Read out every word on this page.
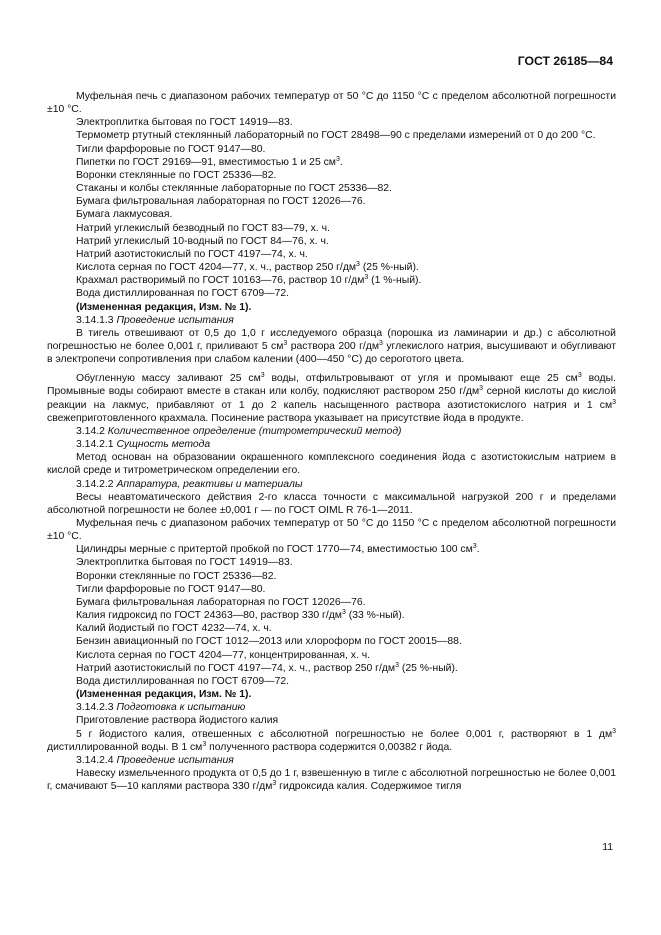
ГОСТ 26185—84

Муфельная печь с диапазоном рабочих температур от 50 °С до 1150 °С с пределом абсолютной погрешности ±10 °С.

Электроплитка бытовая по ГОСТ 14919—83.

Термометр ртутный стеклянный лабораторный по ГОСТ 28498—90 с пределами измерений от 0 до 200 °С.

Тигли фарфоровые по ГОСТ 9147—80.

Пипетки по ГОСТ 29169—91, вместимостью 1 и 25 $см^3$.

Воронки стеклянные по ГОСТ 25336—82.

Стаканы и колбы стеклянные лабораторные по ГОСТ 25336—82.

Бумага фильтровальная лабораторная по ГОСТ 12026—76.

Бумага лакмусовая.

Натрий углекислый безводный по ГОСТ 83—79, х. ч.

Натрий углекислый 10-водный по ГОСТ 84—76, х. ч.

Натрий азотистокислый по ГОСТ 4197—74, х. ч.

Кислота серная по ГОСТ 4204—77, х. ч., раствор 250 $г/дм^3$ (25 %-ный).

Крахмал растворимый по ГОСТ 10163—76, раствор 10 $г/дм^3$ (1 %-ный).

Вода дистиллированная по ГОСТ 6709—72.

(Измененная редакция, Изм. № 1).

3.14.1.3 Проведение испытания

В тигель отвешивают от 0,5 до 1,0 г исследуемого образца (порошка из ламинарии и др.) с абсолютной погрешностью не более 0,001 г, приливают 5 $см^3$ раствора 200 $г/дм^3$ углекислого натрия, высушивают и обугливают в электропечи сопротивления при слабом калении (400—450 °С) до сероготого цвета.

Обугленную массу заливают 25 $см^3$ воды, отфильтровывают от угля и промывают еще 25 $см^3$ воды. Промывные воды собирают вместе в стакан или колбу, подкисляют раствором 250 $г/дм^3$ серной кислоты до кислой реакции на лакмус, прибавляют от 1 до 2 капель насыщенного раствора азотистокислого натрия и 1 $см^3$ свежеприготовленного крахмала. Посинение раствора указывает на присутствие йода в продукте.

3.14.2 Количественное определение (титрометрический метод)

3.14.2.1 Сущность метода

Метод основан на образовании окрашенного комплексного соединения йода с азотистокислым натрием в кислой среде и титрометрическом определении его.

3.14.2.2 Аппаратура, реактивы и материалы

Весы неавтоматического действия 2-го класса точности с максимальной нагрузкой 200 г и пределами абсолютной погрешности не более ±0,001 г — по ГОСТ OIML R 76-1—2011.

Муфельная печь с диапазоном рабочих температур от 50 °С до 1150 °С с пределом абсолютной погрешности ±10 °С.

Цилиндры мерные с притертой пробкой по ГОСТ 1770—74, вместимостью 100 $см^3$.

Электроплитка бытовая по ГОСТ 14919—83.

Воронки стеклянные по ГОСТ 25336—82.

Тигли фарфоровые по ГОСТ 9147—80.

Бумага фильтровальная лабораторная по ГОСТ 12026—76.

Калия гидроксид по ГОСТ 24363—80, раствор 330 $г/дм^3$ (33 %-ный).

Калий йодистый по ГОСТ 4232—74, х. ч.

Бензин авиационный по ГОСТ 1012—2013 или хлороформ по ГОСТ 20015—88.

Кислота серная по ГОСТ 4204—77, концентрированная, х. ч.

Натрий азотистокислый по ГОСТ 4197—74, х. ч., раствор 250 $г/дм^3$ (25 %-ный).

Вода дистиллированная по ГОСТ 6709—72.

(Измененная редакция, Изм. № 1).

3.14.2.3 Подготовка к испытанию

Приготовление раствора йодистого калия

5 г йодистого калия, отвешенных с абсолютной погрешностью не более 0,001 г, растворяют в 1 $дм^3$ дистиллированной воды. В 1 $см^3$ полученного раствора содержится 0,00382 г йода.

3.14.2.4 Проведение испытания

Навеску измельченного продукта от 0,5 до 1 г, взвешенную в тигле с абсолютной погрешностью не более 0,001 г, смачивают 5—10 каплями раствора 330 $г/дм^3$ гидроксида калия. Содержимое тигля

11
